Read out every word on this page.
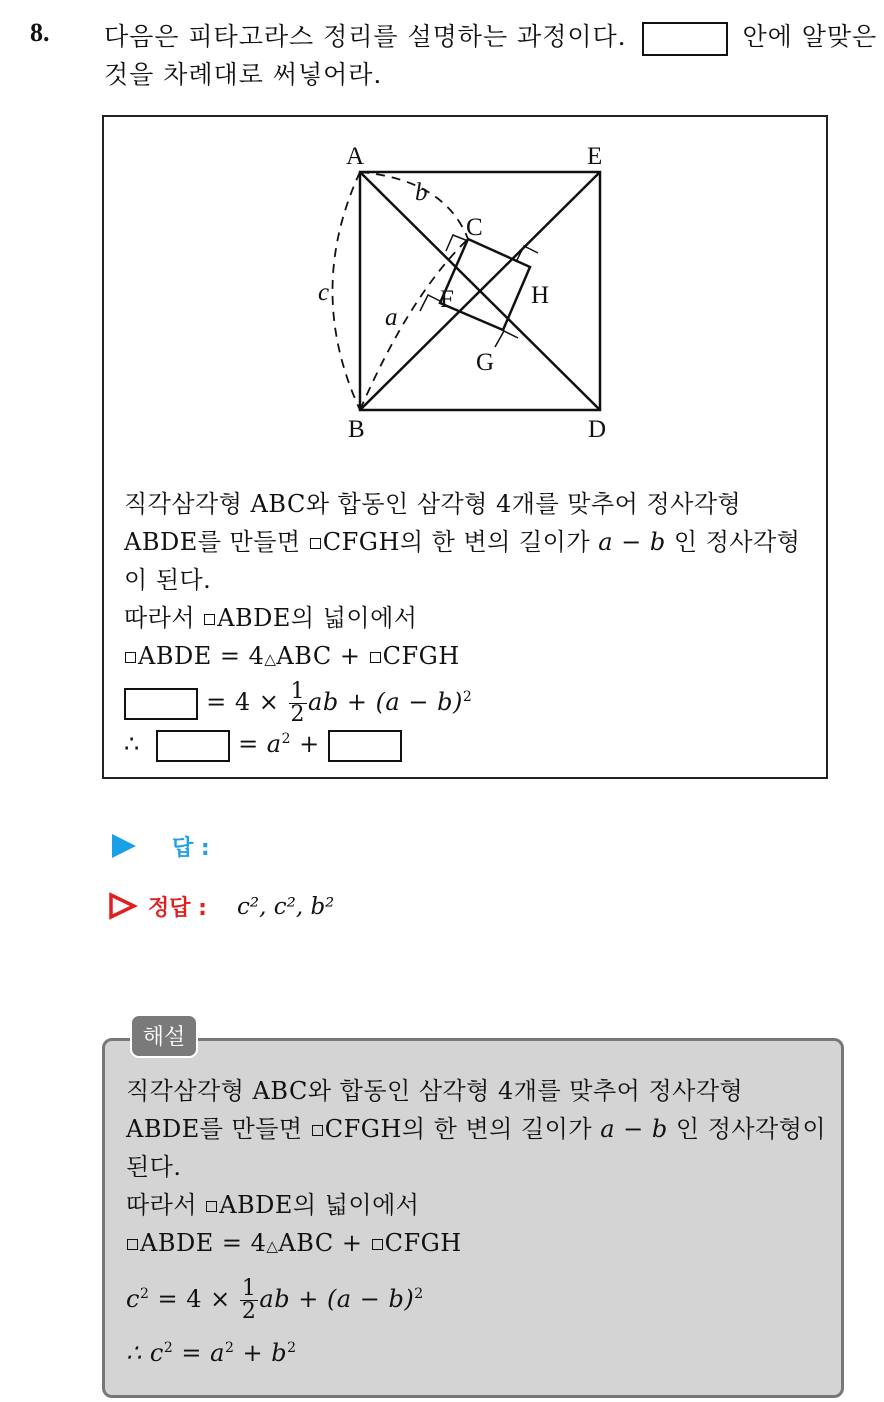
8. 다음은 피타고라스 정리를 설명하는 과정이다.	안에 알맞은
것을 차례대로 써넣어라.
A	E
B	D
C
H
F
G
b
c
a
직각삼각형 ABC와 합동인 삼각형 4개를 맞추어 정사각형
ABDE를 만들면 CFGH의 한 변의 길이가 a − b 인 정사각형
이 된다.
따라서 ABDE의 넓이에서
ABDE = 4△ABC + CFGH
= $4 \times \frac{1}{2}$ ab + $(a - b)^2$
∴	= $a^2$ +
답 :
정답 : c², c², b²
해설
직각삼각형 ABC와 합동인 삼각형 4개를 맞추어 정사각형
ABDE를 만들면 CFGH의 한 변의 길이가 a − b 인 정사각형이
된다.
따라서 ABDE의 넓이에서
ABDE = 4△ABC + CFGH
$c^2 = 4 \times \frac{1}{2}$ ab + $(a - b)^2$
∴ $c^2 = a^2 + b^2$
